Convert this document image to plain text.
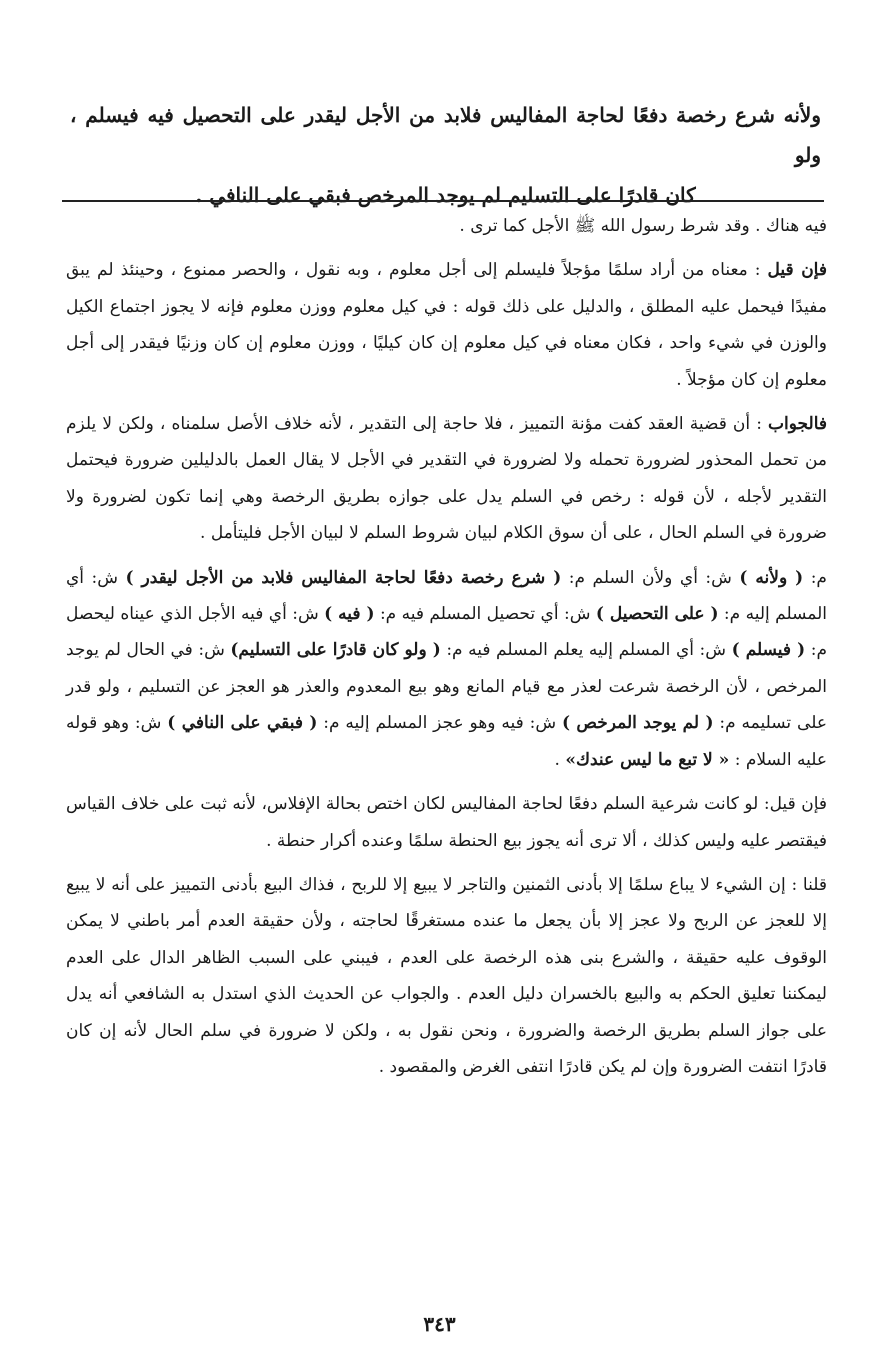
ولأنه شرع رخصة دفعًا لحاجة المفاليس فلابد من الأجل ليقدر على التحصيل فيه فيسلم ، ولو

كان قادرًا على التسليم لم يوجد المرخص فبقي على النافي .

فيه هناك . وقد شرط رسول الله ﷺ الأجل كما ترى .

فإن قيل : معناه من أراد سلمًا مؤجلاً فليسلم إلى أجل معلوم ، وبه نقول ، والحصر ممنوع ، وحينئذ لم يبق مفيدًا فيحمل عليه المطلق ، والدليل على ذلك قوله : في كيل معلوم ووزن معلوم فإنه لا يجوز اجتماع الكيل والوزن في شيء واحد ، فكان معناه في كيل معلوم إن كان كيليًا ، ووزن معلوم إن كان وزنيًا فيقدر إلى أجل معلوم إن كان مؤجلاً .

فالجواب : أن قضية العقد كفت مؤنة التمييز ، فلا حاجة إلى التقدير ، لأنه خلاف الأصل سلمناه ، ولكن لا يلزم من تحمل المحذور لضرورة تحمله ولا لضرورة في التقدير في الأجل لا يقال العمل بالدليلين ضرورة فيحتمل التقدير لأجله ، لأن قوله : رخص في السلم يدل على جوازه بطريق الرخصة وهي إنما تكون لضرورة ولا ضرورة في السلم الحال ، على أن سوق الكلام لبيان شروط السلم لا لبيان الأجل فليتأمل .

م: ( ولأنه ) ش: أي ولأن السلم م: ( شرع رخصة دفعًا لحاجة المفاليس فلابد من الأجل ليقدر ) ش: أي المسلم إليه م: ( على التحصيل ) ش: أي تحصيل المسلم فيه م: ( فيه ) ش: أي فيه الأجل الذي عيناه ليحصل م: ( فيسلم ) ش: أي المسلم إليه يعلم المسلم فيه م: ( ولو كان قادرًا على التسليم) ش: في الحال لم يوجد المرخص ، لأن الرخصة شرعت لعذر مع قيام المانع وهو بيع المعدوم والعذر هو العجز عن التسليم ، ولو قدر على تسليمه م: ( لم يوجد المرخص ) ش: فيه وهو عجز المسلم إليه م: ( فبقي على النافي ) ش: وهو قوله عليه السلام : « لا تبع ما ليس عندك» .

فإن قيل: لو كانت شرعية السلم دفعًا لحاجة المفاليس لكان اختص بحالة الإفلاس، لأنه ثبت على خلاف القياس فيقتصر عليه وليس كذلك ، ألا ترى أنه يجوز بيع الحنطة سلمًا وعنده أكرار حنطة .

قلنا : إن الشيء لا يباع سلمًا إلا بأدنى الثمنين والتاجر لا يبيع إلا للربح ، فذاك البيع بأدنى التمييز على أنه لا يبيع إلا للعجز عن الربح ولا عجز إلا بأن يجعل ما عنده مستغرقًا لحاجته ، ولأن حقيقة العدم أمر باطني لا يمكن الوقوف عليه حقيقة ، والشرع بنى هذه الرخصة على العدم ، فيبني على السبب الظاهر الدال على العدم ليمكننا تعليق الحكم به والبيع بالخسران دليل العدم . والجواب عن الحديث الذي استدل به الشافعي أنه يدل على جواز السلم بطريق الرخصة والضرورة ، ونحن نقول به ، ولكن لا ضرورة في سلم الحال لأنه إن كان قادرًا انتفت الضرورة وإن لم يكن قادرًا انتفى الغرض والمقصود .

٣٤٣
